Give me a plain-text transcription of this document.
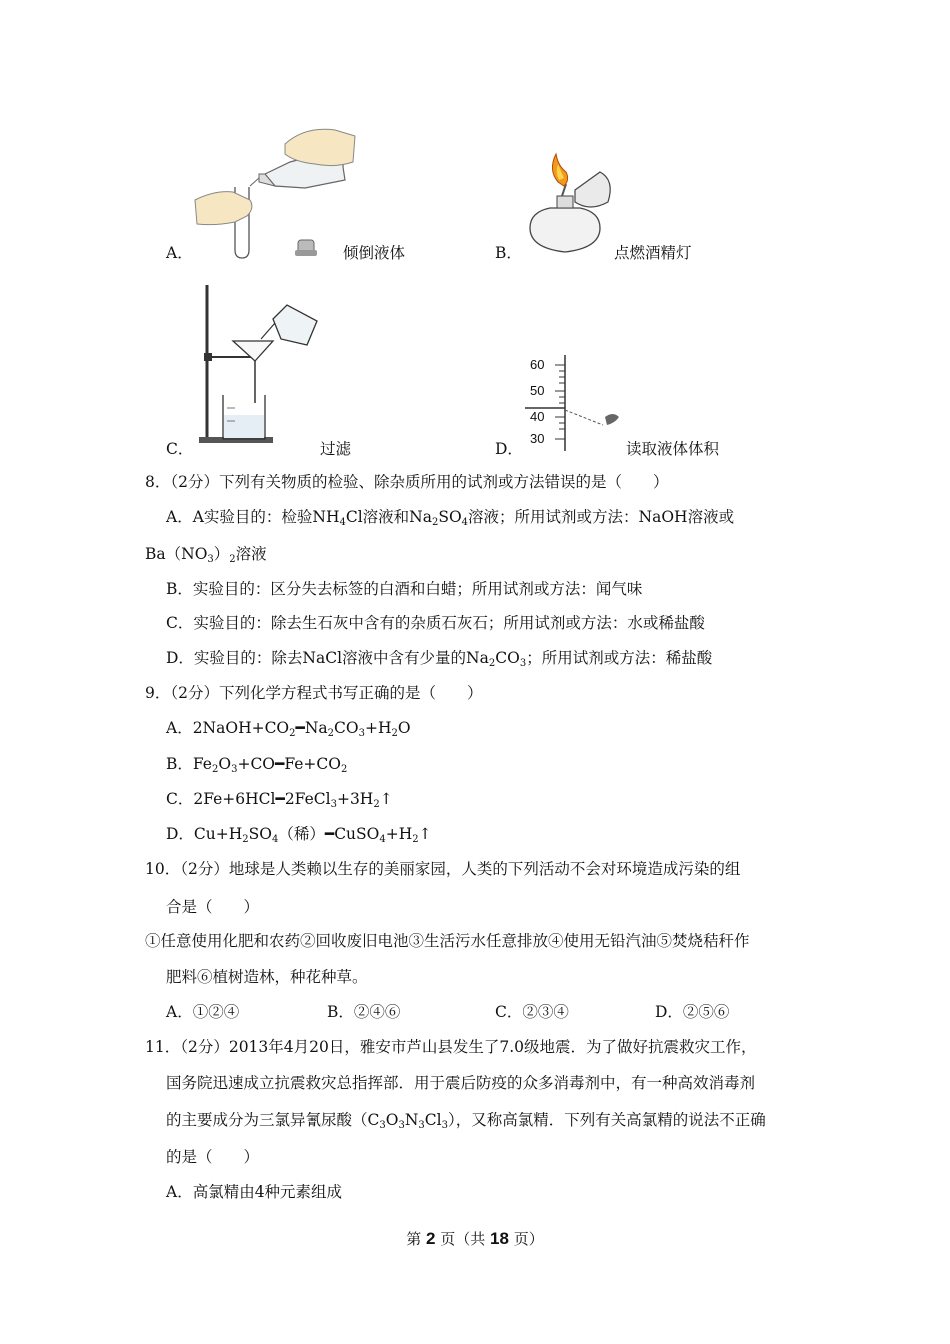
A．	倾倒液体	B．	点燃酒精灯
C．	过滤
60
50
40
30
D．	读取液体体积
8．（2分）下列有关物质的检验、除杂质所用的试剂或方法错误的是（　　）
A．A实验目的：检验$NH_4Cl$溶液和$Na_2SO_4$溶液；所用试剂或方法：NaOH溶液或
$Ba(NO_3)_2$溶液
B．实验目的：区分失去标签的白酒和白蜡；所用试剂或方法：闻气味
C．实验目的：除去生石灰中含有的杂质石灰石；所用试剂或方法：水或稀盐酸
D．实验目的：除去NaCl溶液中含有少量的$Na_2CO_3$；所用试剂或方法：稀盐酸
9．（2分）下列化学方程式书写正确的是（　　）
A．$2NaOH+CO_2━Na_2CO_3+H_2O$
B．$Fe_2O_3+CO━Fe+CO_2$
C．$2Fe+6HCl━2FeCl_3+3H_2↑$
D．$Cu+H_2SO_4$（稀）$━CuSO_4+H_2↑$
10．（2分）地球是人类赖以生存的美丽家园，人类的下列活动不会对环境造成污染的组
合是（　　）
①任意使用化肥和农药②回收废旧电池③生活污水任意排放④使用无铅汽油⑤焚烧秸秆作
肥料⑥植树造林，种花种草。
A．①②④	B．②④⑥	C．②③④	D．②⑤⑥
11．（2分）2013年4月20日，雅安市芦山县发生了7.0级地震．为了做好抗震救灾工作，
国务院迅速成立抗震救灾总指挥部．用于震后防疫的众多消毒剂中，有一种高效消毒剂
的主要成分为三氯异氰尿酸$(C_3O_3N_3Cl_3)$，又称高氯精．下列有关高氯精的说法不正确
的是（　　）
A．高氯精由4种元素组成
第 2 页（共 18 页）
